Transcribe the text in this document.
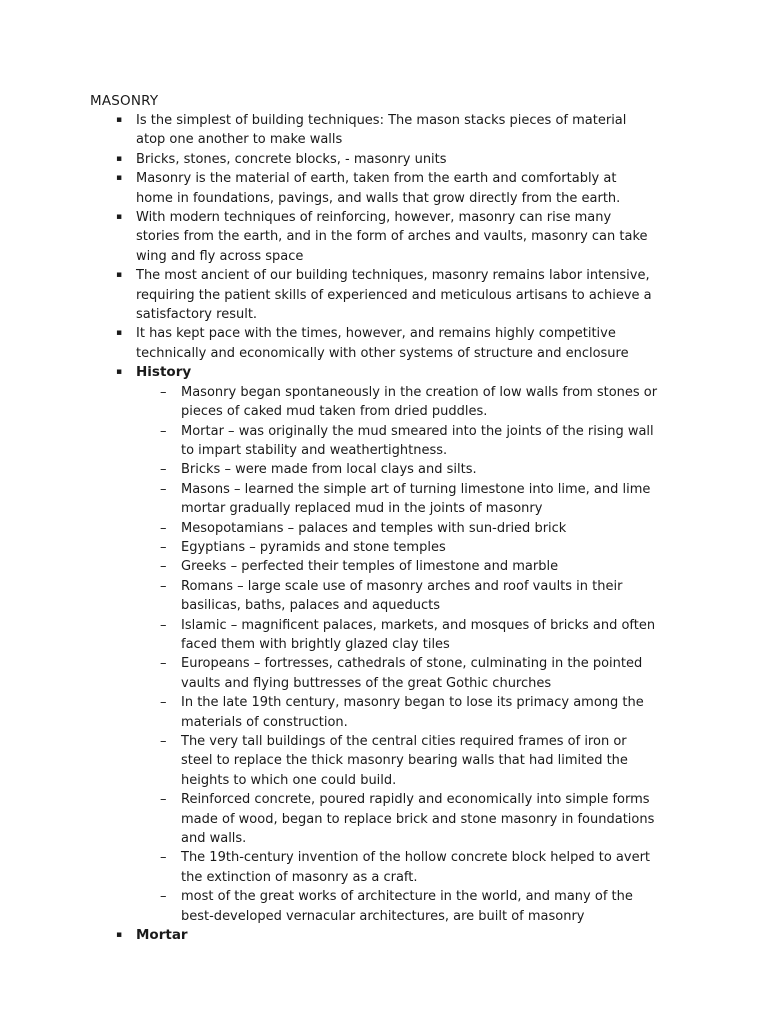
MASONRY
▪ Is the simplest of building techniques: The mason stacks pieces of material atop one another to make walls
▪ Bricks, stones, concrete blocks, - masonry units
▪ Masonry is the material of earth, taken from the earth and comfortably at home in foundations, pavings, and walls that grow directly from the earth.
▪ With modern techniques of reinforcing, however, masonry can rise many stories from the earth, and in the form of arches and vaults, masonry can take wing and fly across space
▪ The most ancient of our building techniques, masonry remains labor intensive, requiring the patient skills of experienced and meticulous artisans to achieve a satisfactory result.
▪ It has kept pace with the times, however, and remains highly competitive technically and economically with other systems of structure and enclosure
▪ History
– Masonry began spontaneously in the creation of low walls from stones or pieces of caked mud taken from dried puddles.
– Mortar – was originally the mud smeared into the joints of the rising wall to impart stability and weathertightness.
– Bricks – were made from local clays and silts.
– Masons – learned the simple art of turning limestone into lime, and lime mortar gradually replaced mud in the joints of masonry
– Mesopotamians – palaces and temples with sun-dried brick
– Egyptians – pyramids and stone temples
– Greeks – perfected their temples of limestone and marble
– Romans – large scale use of masonry arches and roof vaults in their basilicas, baths, palaces and aqueducts
– Islamic – magnificent palaces, markets, and mosques of bricks and often faced them with brightly glazed clay tiles
– Europeans – fortresses, cathedrals of stone, culminating in the pointed vaults and flying buttresses of the great Gothic churches
– In the late 19th century, masonry began to lose its primacy among the materials of construction.
– The very tall buildings of the central cities required frames of iron or steel to replace the thick masonry bearing walls that had limited the heights to which one could build.
– Reinforced concrete, poured rapidly and economically into simple forms made of wood, began to replace brick and stone masonry in foundations and walls.
– The 19th-century invention of the hollow concrete block helped to avert the extinction of masonry as a craft.
– most of the great works of architecture in the world, and many of the best-developed vernacular architectures, are built of masonry
▪ Mortar
